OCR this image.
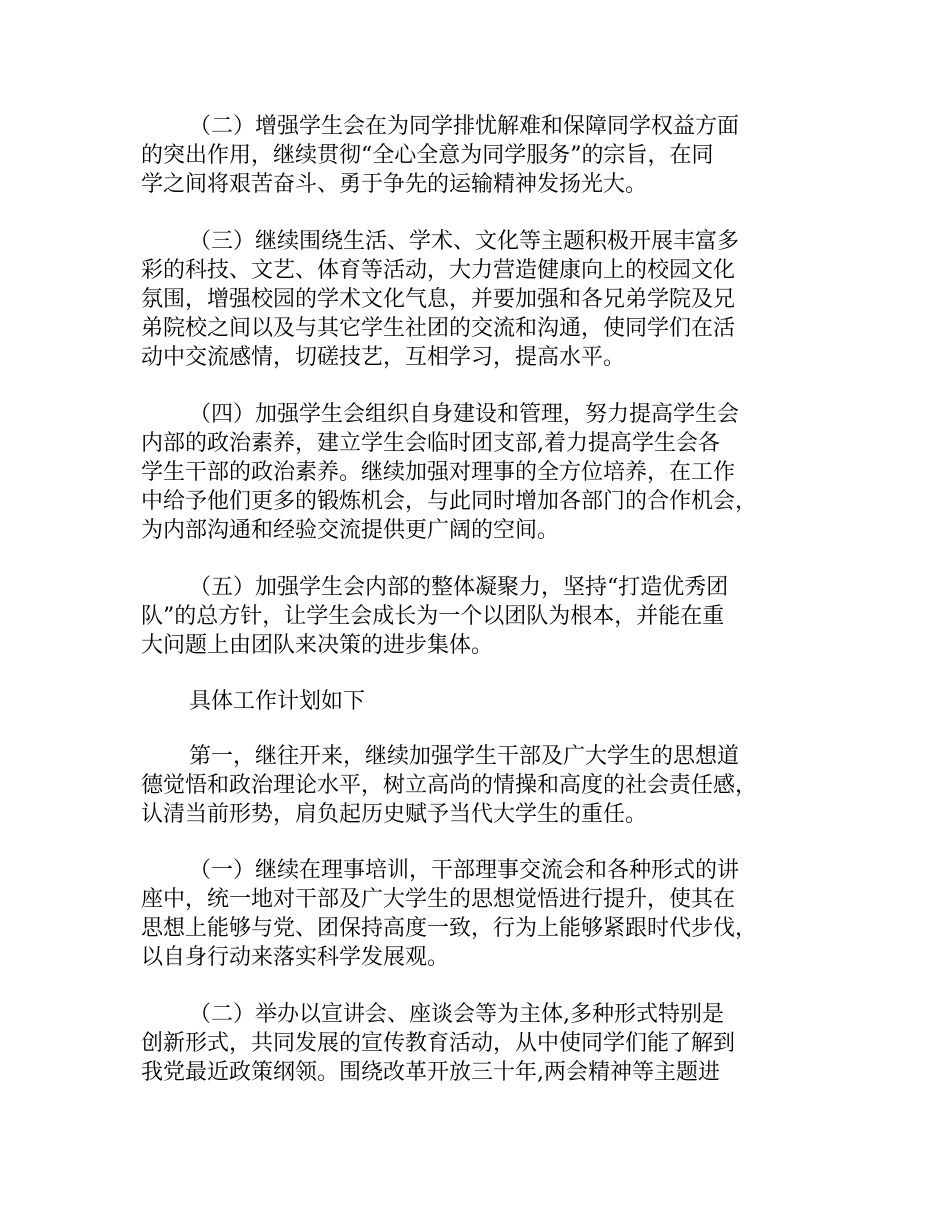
（二）增强学生会在为同学排忧解难和保障同学权益方面
的突出作用，继续贯彻“全心全意为同学服务”的宗旨，在同
学之间将艰苦奋斗、勇于争先的运输精神发扬光大。

（三）继续围绕生活、学术、文化等主题积极开展丰富多
彩的科技、文艺、体育等活动，大力营造健康向上的校园文化
氛围，增强校园的学术文化气息，并要加强和各兄弟学院及兄
弟院校之间以及与其它学生社团的交流和沟通，使同学们在活
动中交流感情，切磋技艺，互相学习，提高水平。

（四）加强学生会组织自身建设和管理，努力提高学生会
内部的政治素养，建立学生会临时团支部,着力提高学生会各
学生干部的政治素养。继续加强对理事的全方位培养，在工作
中给予他们更多的锻炼机会，与此同时增加各部门的合作机会，
为内部沟通和经验交流提供更广阔的空间。

（五）加强学生会内部的整体凝聚力，坚持“打造优秀团
队”的总方针，让学生会成长为一个以团队为根本，并能在重
大问题上由团队来决策的进步集体。

具体工作计划如下

第一，继往开来，继续加强学生干部及广大学生的思想道
德觉悟和政治理论水平，树立高尚的情操和高度的社会责任感，
认清当前形势，肩负起历史赋予当代大学生的重任。

（一）继续在理事培训，干部理事交流会和各种形式的讲
座中，统一地对干部及广大学生的思想觉悟进行提升，使其在
思想上能够与党、团保持高度一致，行为上能够紧跟时代步伐，
以自身行动来落实科学发展观。

（二）举办以宣讲会、座谈会等为主体,多种形式特别是
创新形式，共同发展的宣传教育活动，从中使同学们能了解到
我党最近政策纲领。围绕改革开放三十年,两会精神等主题进
